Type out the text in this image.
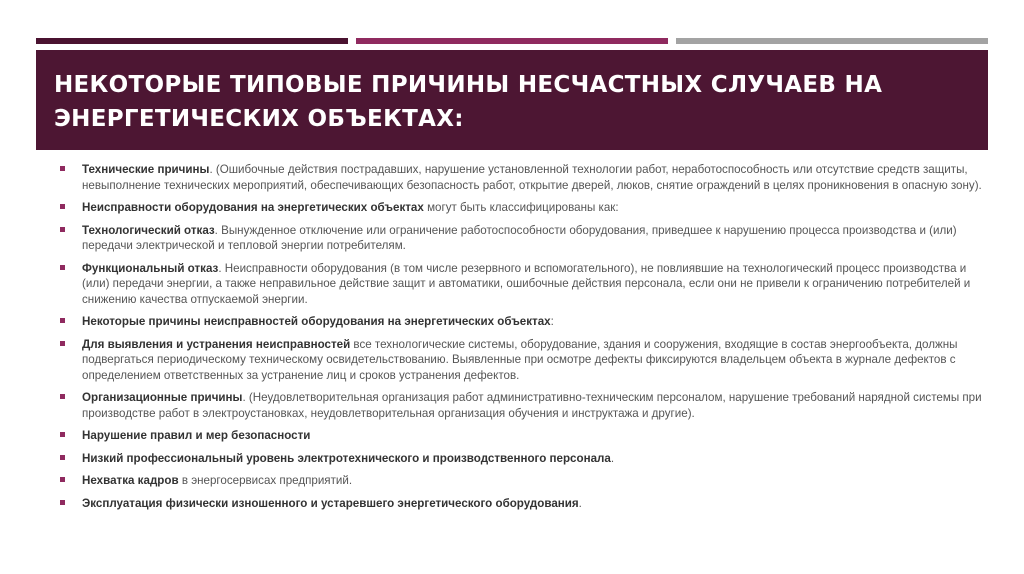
НЕКОТОРЫЕ ТИПОВЫЕ ПРИЧИНЫ НЕСЧАСТНЫХ СЛУЧАЕВ НА ЭНЕРГЕТИЧЕСКИХ ОБЪЕКТАХ:
Технические причины. (Ошибочные действия пострадавших, нарушение установленной технологии работ, неработоспособность или отсутствие средств защиты, невыполнение технических мероприятий, обеспечивающих безопасность работ, открытие дверей, люков, снятие ограждений в целях проникновения в опасную зону).
Неисправности оборудования на энергетических объектах могут быть классифицированы как:
Технологический отказ. Вынужденное отключение или ограничение работоспособности оборудования, приведшее к нарушению процесса производства и (или) передачи электрической и тепловой энергии потребителям.
Функциональный отказ. Неисправности оборудования (в том числе резервного и вспомогательного), не повлиявшие на технологический процесс производства и (или) передачи энергии, а также неправильное действие защит и автоматики, ошибочные действия персонала, если они не привели к ограничению потребителей и снижению качества отпускаемой энергии.
Некоторые причины неисправностей оборудования на энергетических объектах:
Для выявления и устранения неисправностей все технологические системы, оборудование, здания и сооружения, входящие в состав энергообъекта, должны подвергаться периодическому техническому освидетельствованию. Выявленные при осмотре дефекты фиксируются владельцем объекта в журнале дефектов с определением ответственных за устранение лиц и сроков устранения дефектов.
Организационные причины. (Неудовлетворительная организация работ административно-техническим персоналом, нарушение требований нарядной системы при производстве работ в электроустановках, неудовлетворительная организация обучения и инструктажа и другие).
Нарушение правил и мер безопасности
Низкий профессиональный уровень электротехнического и производственного персонала.
Нехватка кадров в энергосервисах предприятий.
Эксплуатация физически изношенного и устаревшего энергетического оборудования.
